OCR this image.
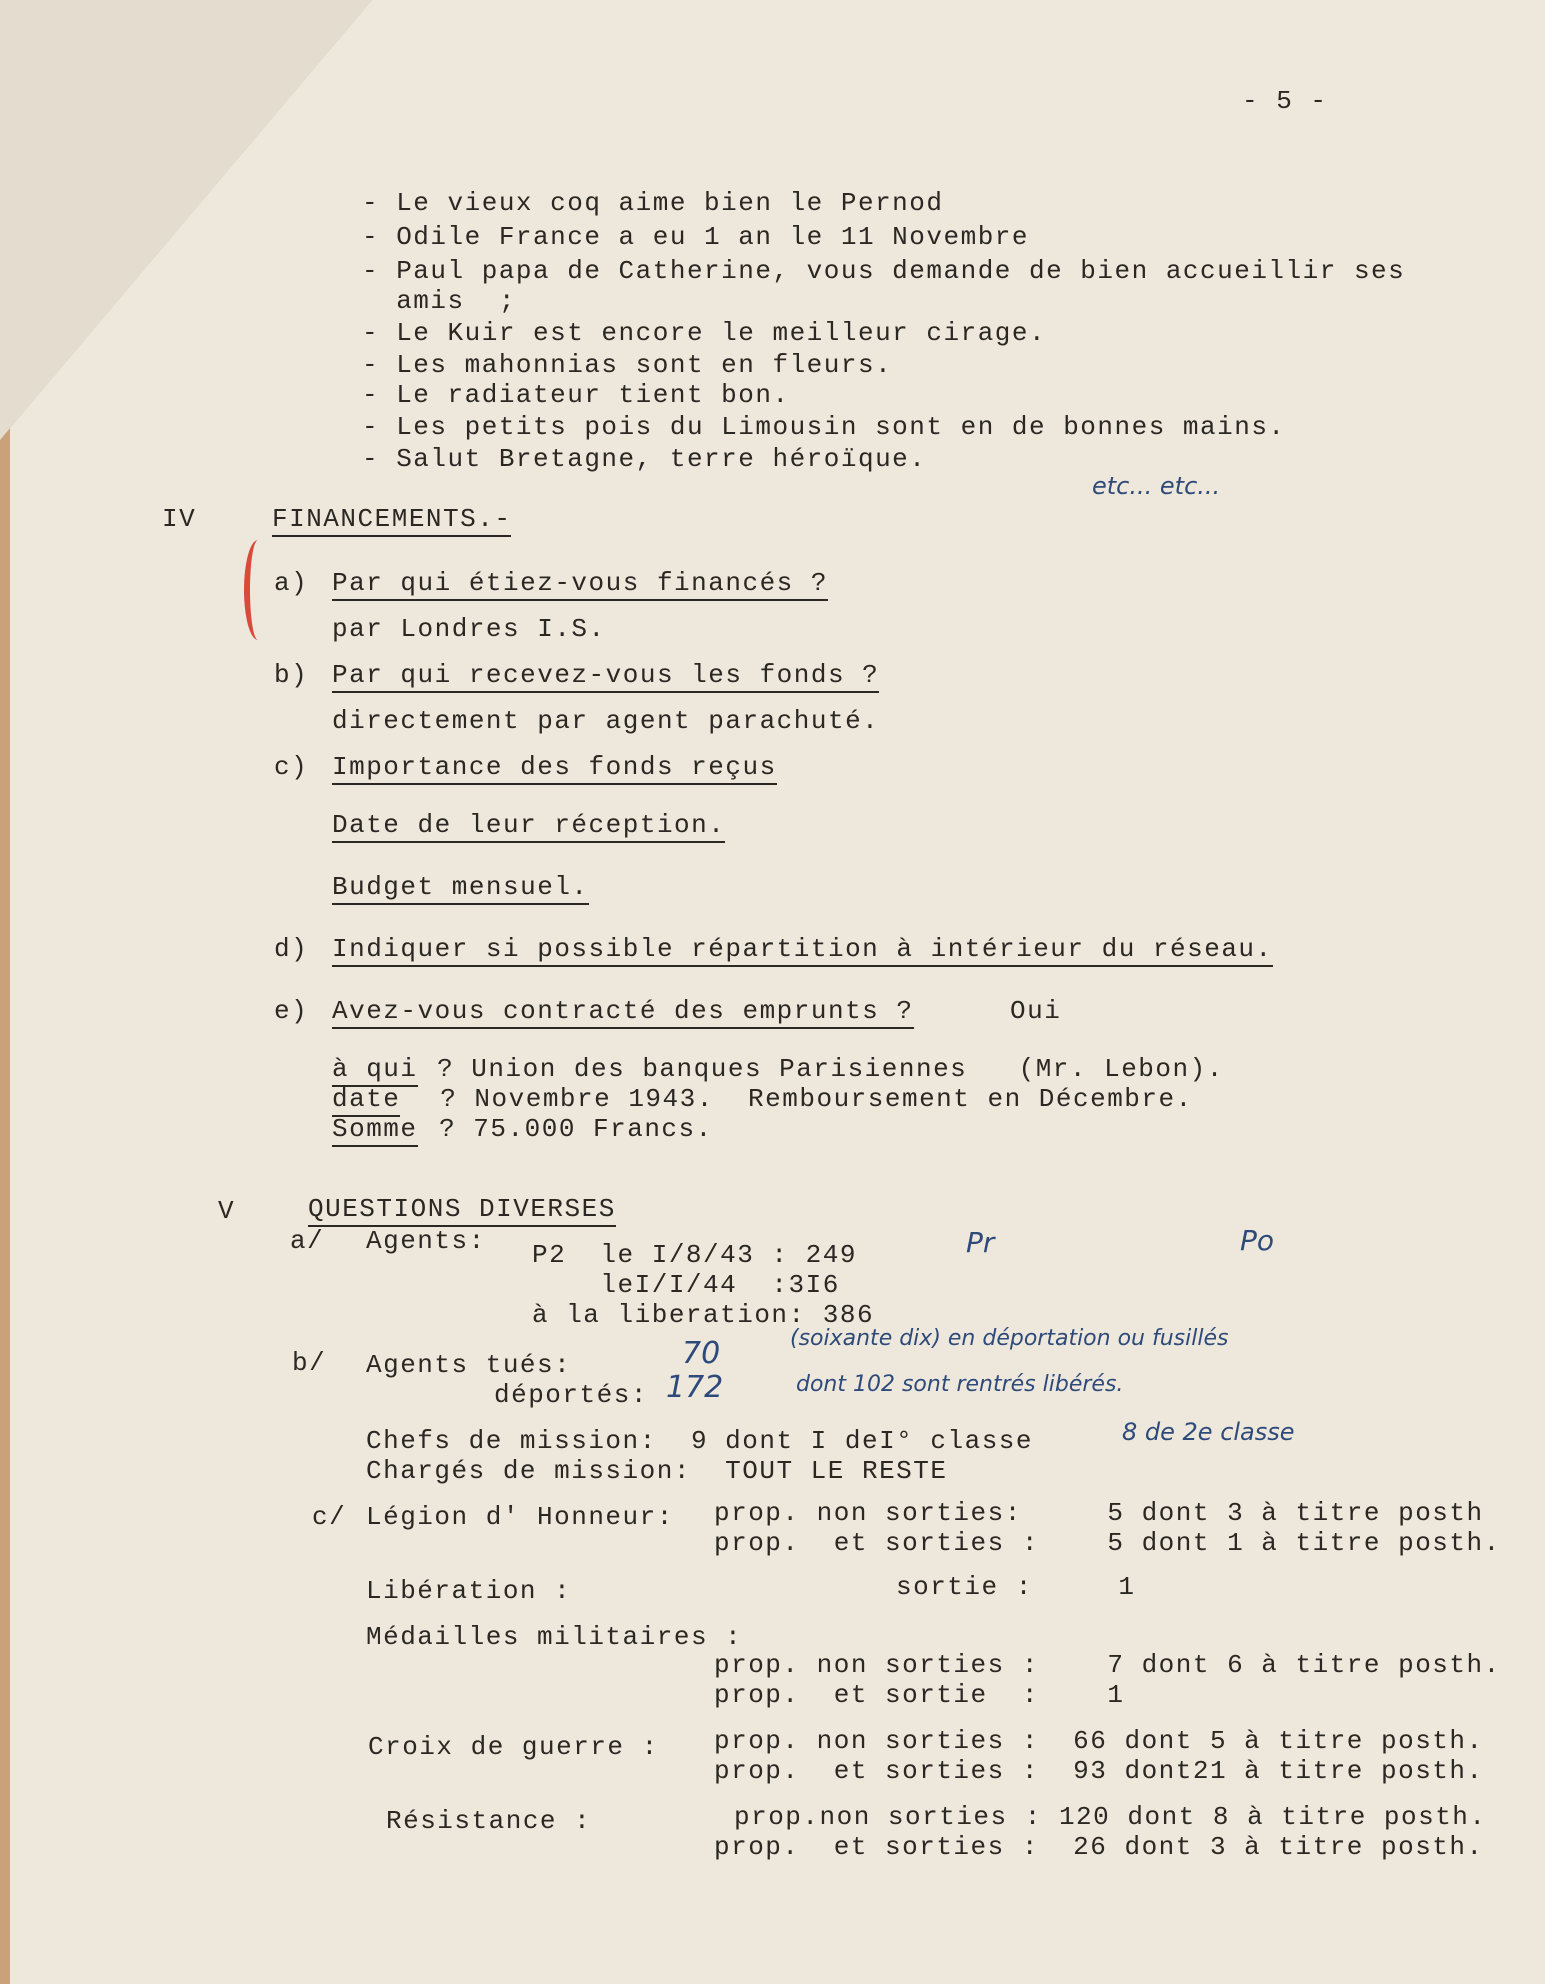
- 5 -
- Le vieux coq aime bien le Pernod
- Odile France a eu 1 an le 11 Novembre
- Paul papa de Catherine, vous demande de bien accueillir ses
amis  ;
- Le Kuir est encore le meilleur cirage.
- Les mahonnias sont en fleurs.
- Le radiateur tient bon.
- Les petits pois du Limousin sont en de bonnes mains.
- Salut Bretagne, terre héroïque.
etc... etc...
IV	FINANCEMENTS.-
a) Par qui étiez-vous financés ?
par Londres I.S.
b) Par qui recevez-vous les fonds ?
directement par agent parachuté.
c) Importance des fonds reçus
Date de leur réception.
Budget mensuel.
d) Indiquer si possible répartition à intérieur du réseau.
e) Avez-vous contracté des emprunts ?	Oui
à qui ? Union des banques Parisiennes   (Mr. Lebon).
date ? Novembre 1943.  Remboursement en Décembre.
Somme ? 75.000 Francs.
V	QUESTIONS DIVERSES
a/ Agents: P2  le I/8/43 : 249
leI/I/44  :3I6
à la liberation: 386
Pr	Po
b/ Agents tués:	70	(soixante dix) en déportation ou fusillés
déportés: 172	dont 102 sont rentrés libérés.
Chefs de mission:  9 dont I deI° classe	8 de 2e classe
Chargés de mission:  TOUT LE RESTE
c/ Légion d' Honneur: prop. non sorties:     5 dont 3 à titre posth
prop.  et sorties :    5 dont 1 à titre posth.
Libération :	sortie :     1
Médailles militaires :
prop. non sorties :    7 dont 6 à titre posth.
prop.  et sortie  :    1
Croix de guerre : prop. non sorties :  66 dont 5 à titre posth.
prop.  et sorties :  93 dont21 à titre posth.
Résistance :	prop.non sorties : 120 dont 8 à titre posth.
prop.  et sorties :  26 dont 3 à titre posth.
